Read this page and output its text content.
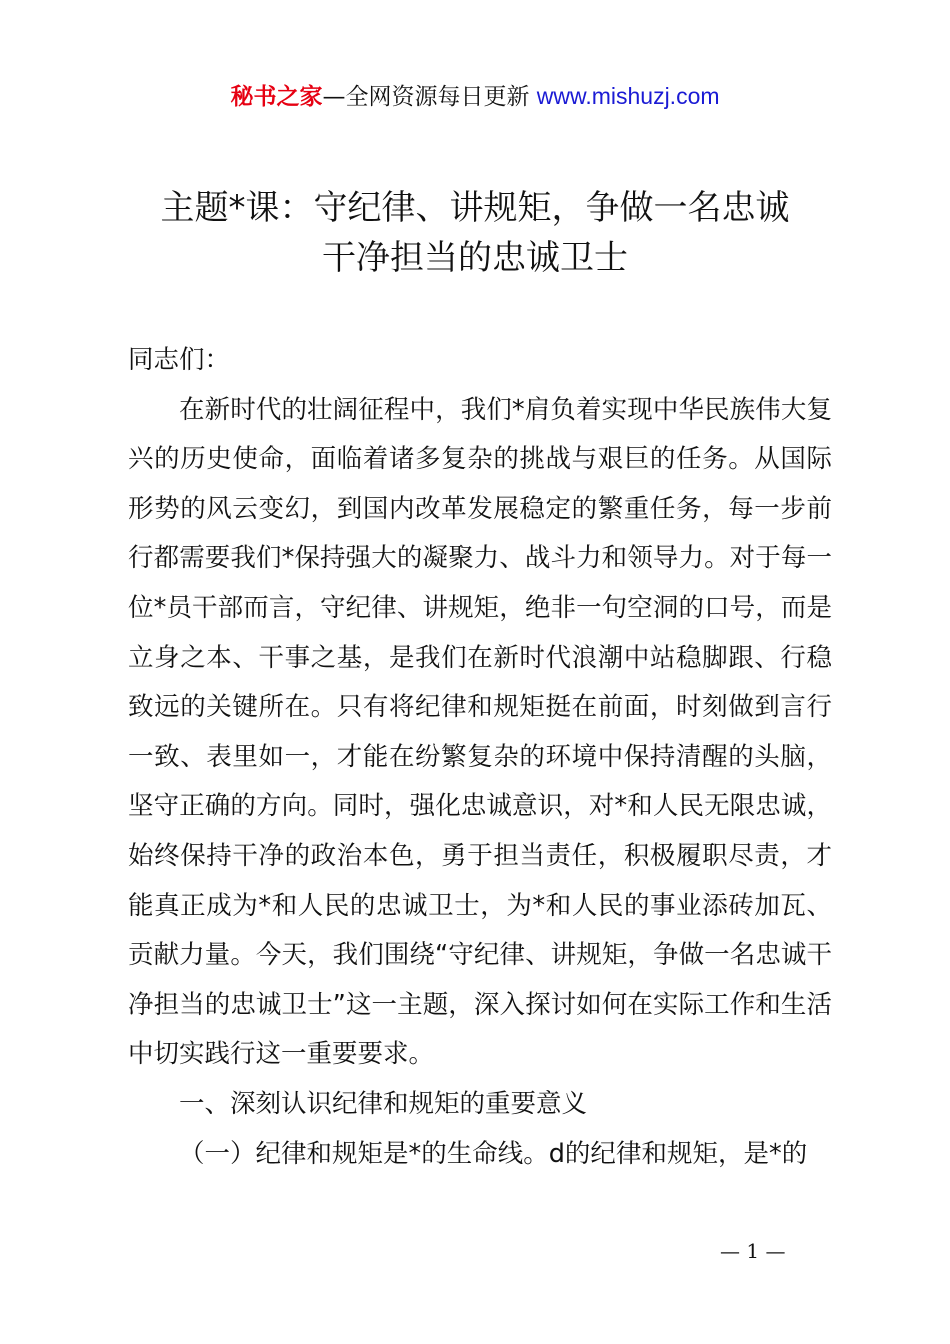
秘书之家—全网资源每日更新 www.mishuzj.com
主题*课：守纪律、讲规矩，争做一名忠诚
干净担当的忠诚卫士

同志们：

在新时代的壮阔征程中，我们*肩负着实现中华民族伟大复兴的历史使命，面临着诸多复杂的挑战与艰巨的任务。从国际形势的风云变幻，到国内改革发展稳定的繁重任务，每一步前行都需要我们*保持强大的凝聚力、战斗力和领导力。对于每一位*员干部而言，守纪律、讲规矩，绝非一句空洞的口号，而是立身之本、干事之基，是我们在新时代浪潮中站稳脚跟、行稳致远的关键所在。只有将纪律和规矩挺在前面，时刻做到言行一致、表里如一，才能在纷繁复杂的环境中保持清醒的头脑，坚守正确的方向。同时，强化忠诚意识，对*和人民无限忠诚，始终保持干净的政治本色，勇于担当责任，积极履职尽责，才能真正成为*和人民的忠诚卫士，为*和人民的事业添砖加瓦、贡献力量。今天，我们围绕“守纪律、讲规矩，争做一名忠诚干净担当的忠诚卫士”这一主题，深入探讨如何在实际工作和生活中切实践行这一重要要求。

一、深刻认识纪律和规矩的重要意义

（一）纪律和规矩是*的生命线。d的纪律和规矩，是*的

— 1 —
